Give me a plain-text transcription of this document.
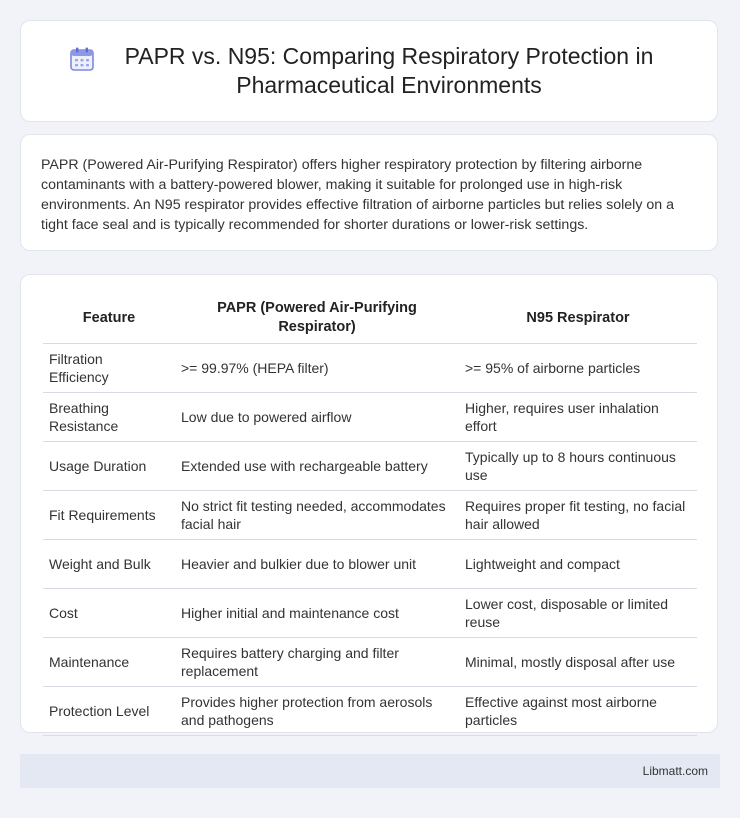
PAPR vs. N95: Comparing Respiratory Protection in Pharmaceutical Environments

PAPR (Powered Air-Purifying Respirator) offers higher respiratory protection by filtering airborne contaminants with a battery-powered blower, making it suitable for prolonged use in high-risk environments. An N95 respirator provides effective filtration of airborne particles but relies solely on a tight face seal and is typically recommended for shorter durations or lower-risk settings.

Feature	PAPR (Powered Air-Purifying Respirator)	N95 Respirator
Filtration Efficiency	>= 99.97% (HEPA filter)	>= 95% of airborne particles
Breathing Resistance	Low due to powered airflow	Higher, requires user inhalation effort
Usage Duration	Extended use with rechargeable battery	Typically up to 8 hours continuous use
Fit Requirements	No strict fit testing needed, accommodates facial hair	Requires proper fit testing, no facial hair allowed
Weight and Bulk	Heavier and bulkier due to blower unit	Lightweight and compact
Cost	Higher initial and maintenance cost	Lower cost, disposable or limited reuse
Maintenance	Requires battery charging and filter replacement	Minimal, mostly disposal after use
Protection Level	Provides higher protection from aerosols and pathogens	Effective against most airborne particles
Libmatt.com
